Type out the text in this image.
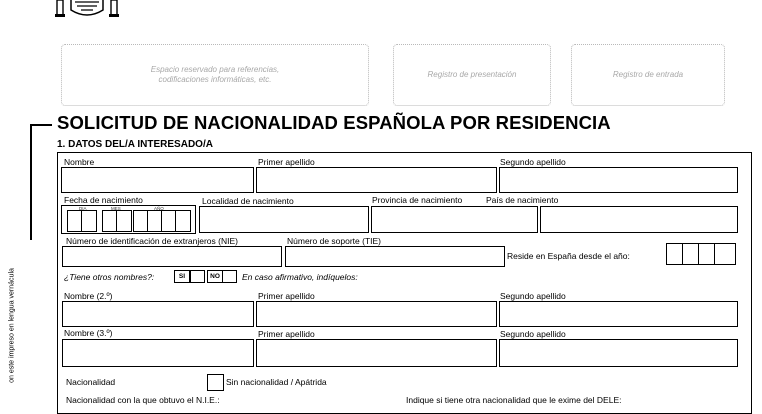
Espacio reservado para referencias, codificaciones informáticas, etc.
Registro de presentación	Registro de entrada
on este impreso en lengua vernácula
SOLICITUD DE NACIONALIDAD ESPAÑOLA POR RESIDENCIA
1. DATOS DEL/A INTERESADO/A
Nombre	Primer apellido	Segundo apellido
Fecha de nacimiento	Localidad de nacimiento	Provincia de nacimiento	País de nacimiento
DIA	MES	AÑO
Número de identificación de extranjeros (NIE)	Número de soporte (TIE)
Reside en España desde el año:
¿Tiene otros nombres?:	SI	NO	En caso afirmativo, indíquelos:
Nombre (2.º)	Primer apellido	Segundo apellido
Nombre (3.º)	Primer apellido	Segundo apellido
Nacionalidad	Sin nacionalidad / Apátrida
Nacionalidad con la que obtuvo el N.I.E.:	Indique si tiene otra nacionalidad que le exime del DELE:
